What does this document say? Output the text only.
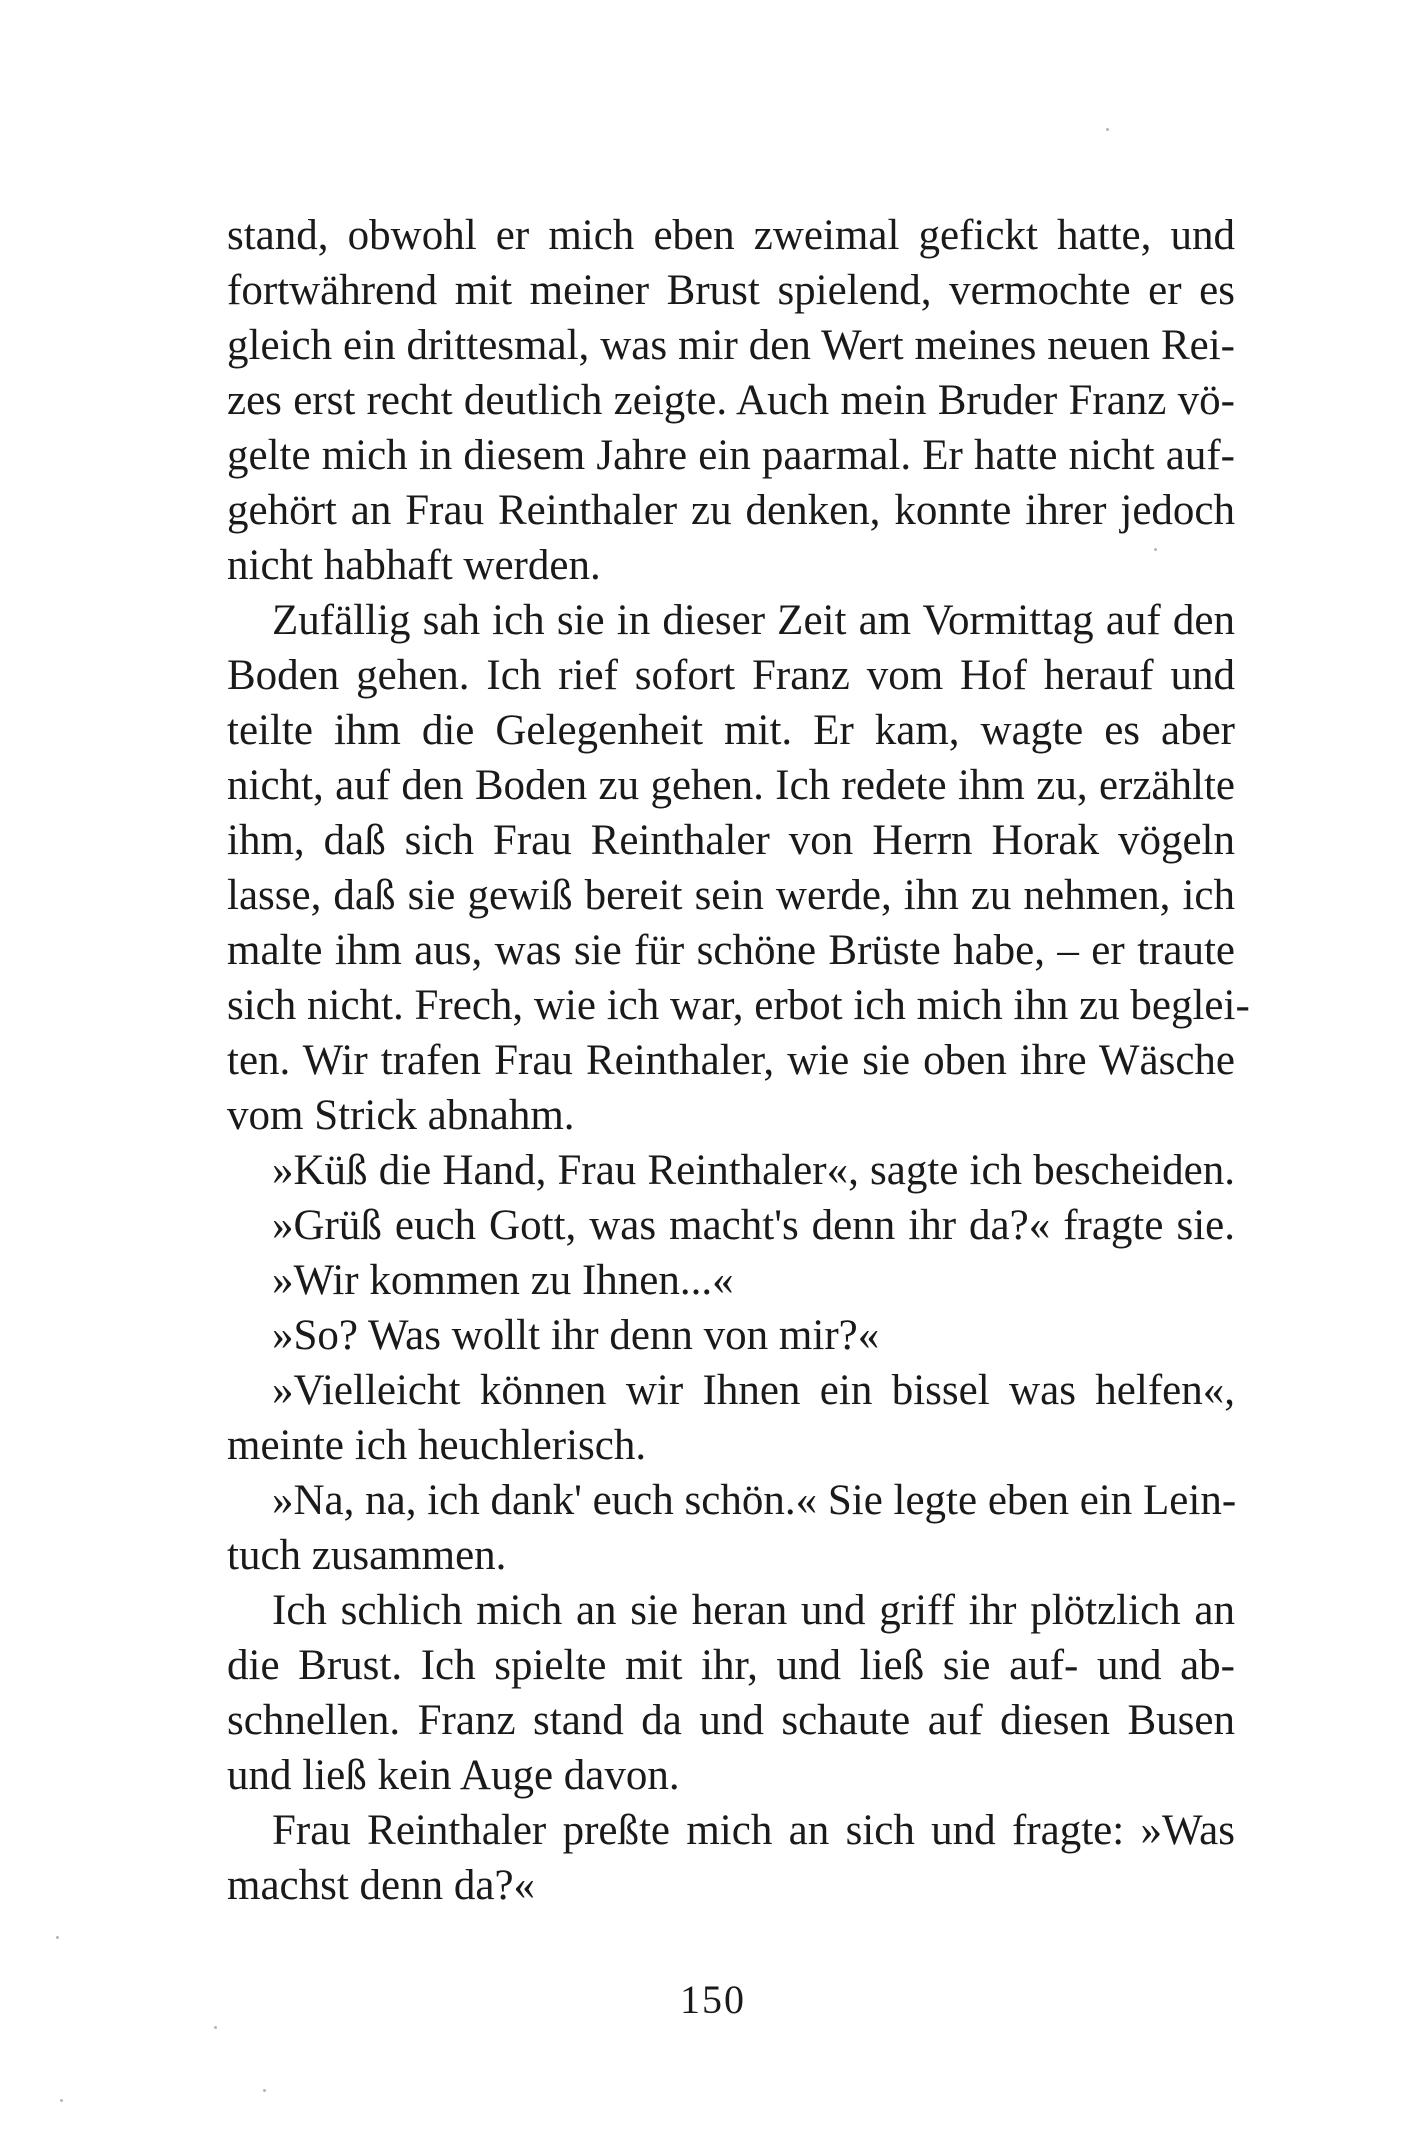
stand, obwohl er mich eben zweimal gefickt hatte, und
fortwährend mit meiner Brust spielend, vermochte er es
gleich ein drittesmal, was mir den Wert meines neuen Rei-
zes erst recht deutlich zeigte. Auch mein Bruder Franz vö-
gelte mich in diesem Jahre ein paarmal. Er hatte nicht auf-
gehört an Frau Reinthaler zu denken, konnte ihrer jedoch
nicht habhaft werden.
Zufällig sah ich sie in dieser Zeit am Vormittag auf den
Boden gehen. Ich rief sofort Franz vom Hof herauf und
teilte ihm die Gelegenheit mit. Er kam, wagte es aber
nicht, auf den Boden zu gehen. Ich redete ihm zu, erzählte
ihm, daß sich Frau Reinthaler von Herrn Horak vögeln
lasse, daß sie gewiß bereit sein werde, ihn zu nehmen, ich
malte ihm aus, was sie für schöne Brüste habe, – er traute
sich nicht. Frech, wie ich war, erbot ich mich ihn zu beglei-
ten. Wir trafen Frau Reinthaler, wie sie oben ihre Wäsche
vom Strick abnahm.
»Küß die Hand, Frau Reinthaler«, sagte ich bescheiden.
»Grüß euch Gott, was macht's denn ihr da?« fragte sie.
»Wir kommen zu Ihnen...«
»So? Was wollt ihr denn von mir?«
»Vielleicht können wir Ihnen ein bissel was helfen«,
meinte ich heuchlerisch.
»Na, na, ich dank' euch schön.« Sie legte eben ein Lein-
tuch zusammen.
Ich schlich mich an sie heran und griff ihr plötzlich an
die Brust. Ich spielte mit ihr, und ließ sie auf- und ab-
schnellen. Franz stand da und schaute auf diesen Busen
und ließ kein Auge davon.
Frau Reinthaler preßte mich an sich und fragte: »Was
machst denn da?«
150
